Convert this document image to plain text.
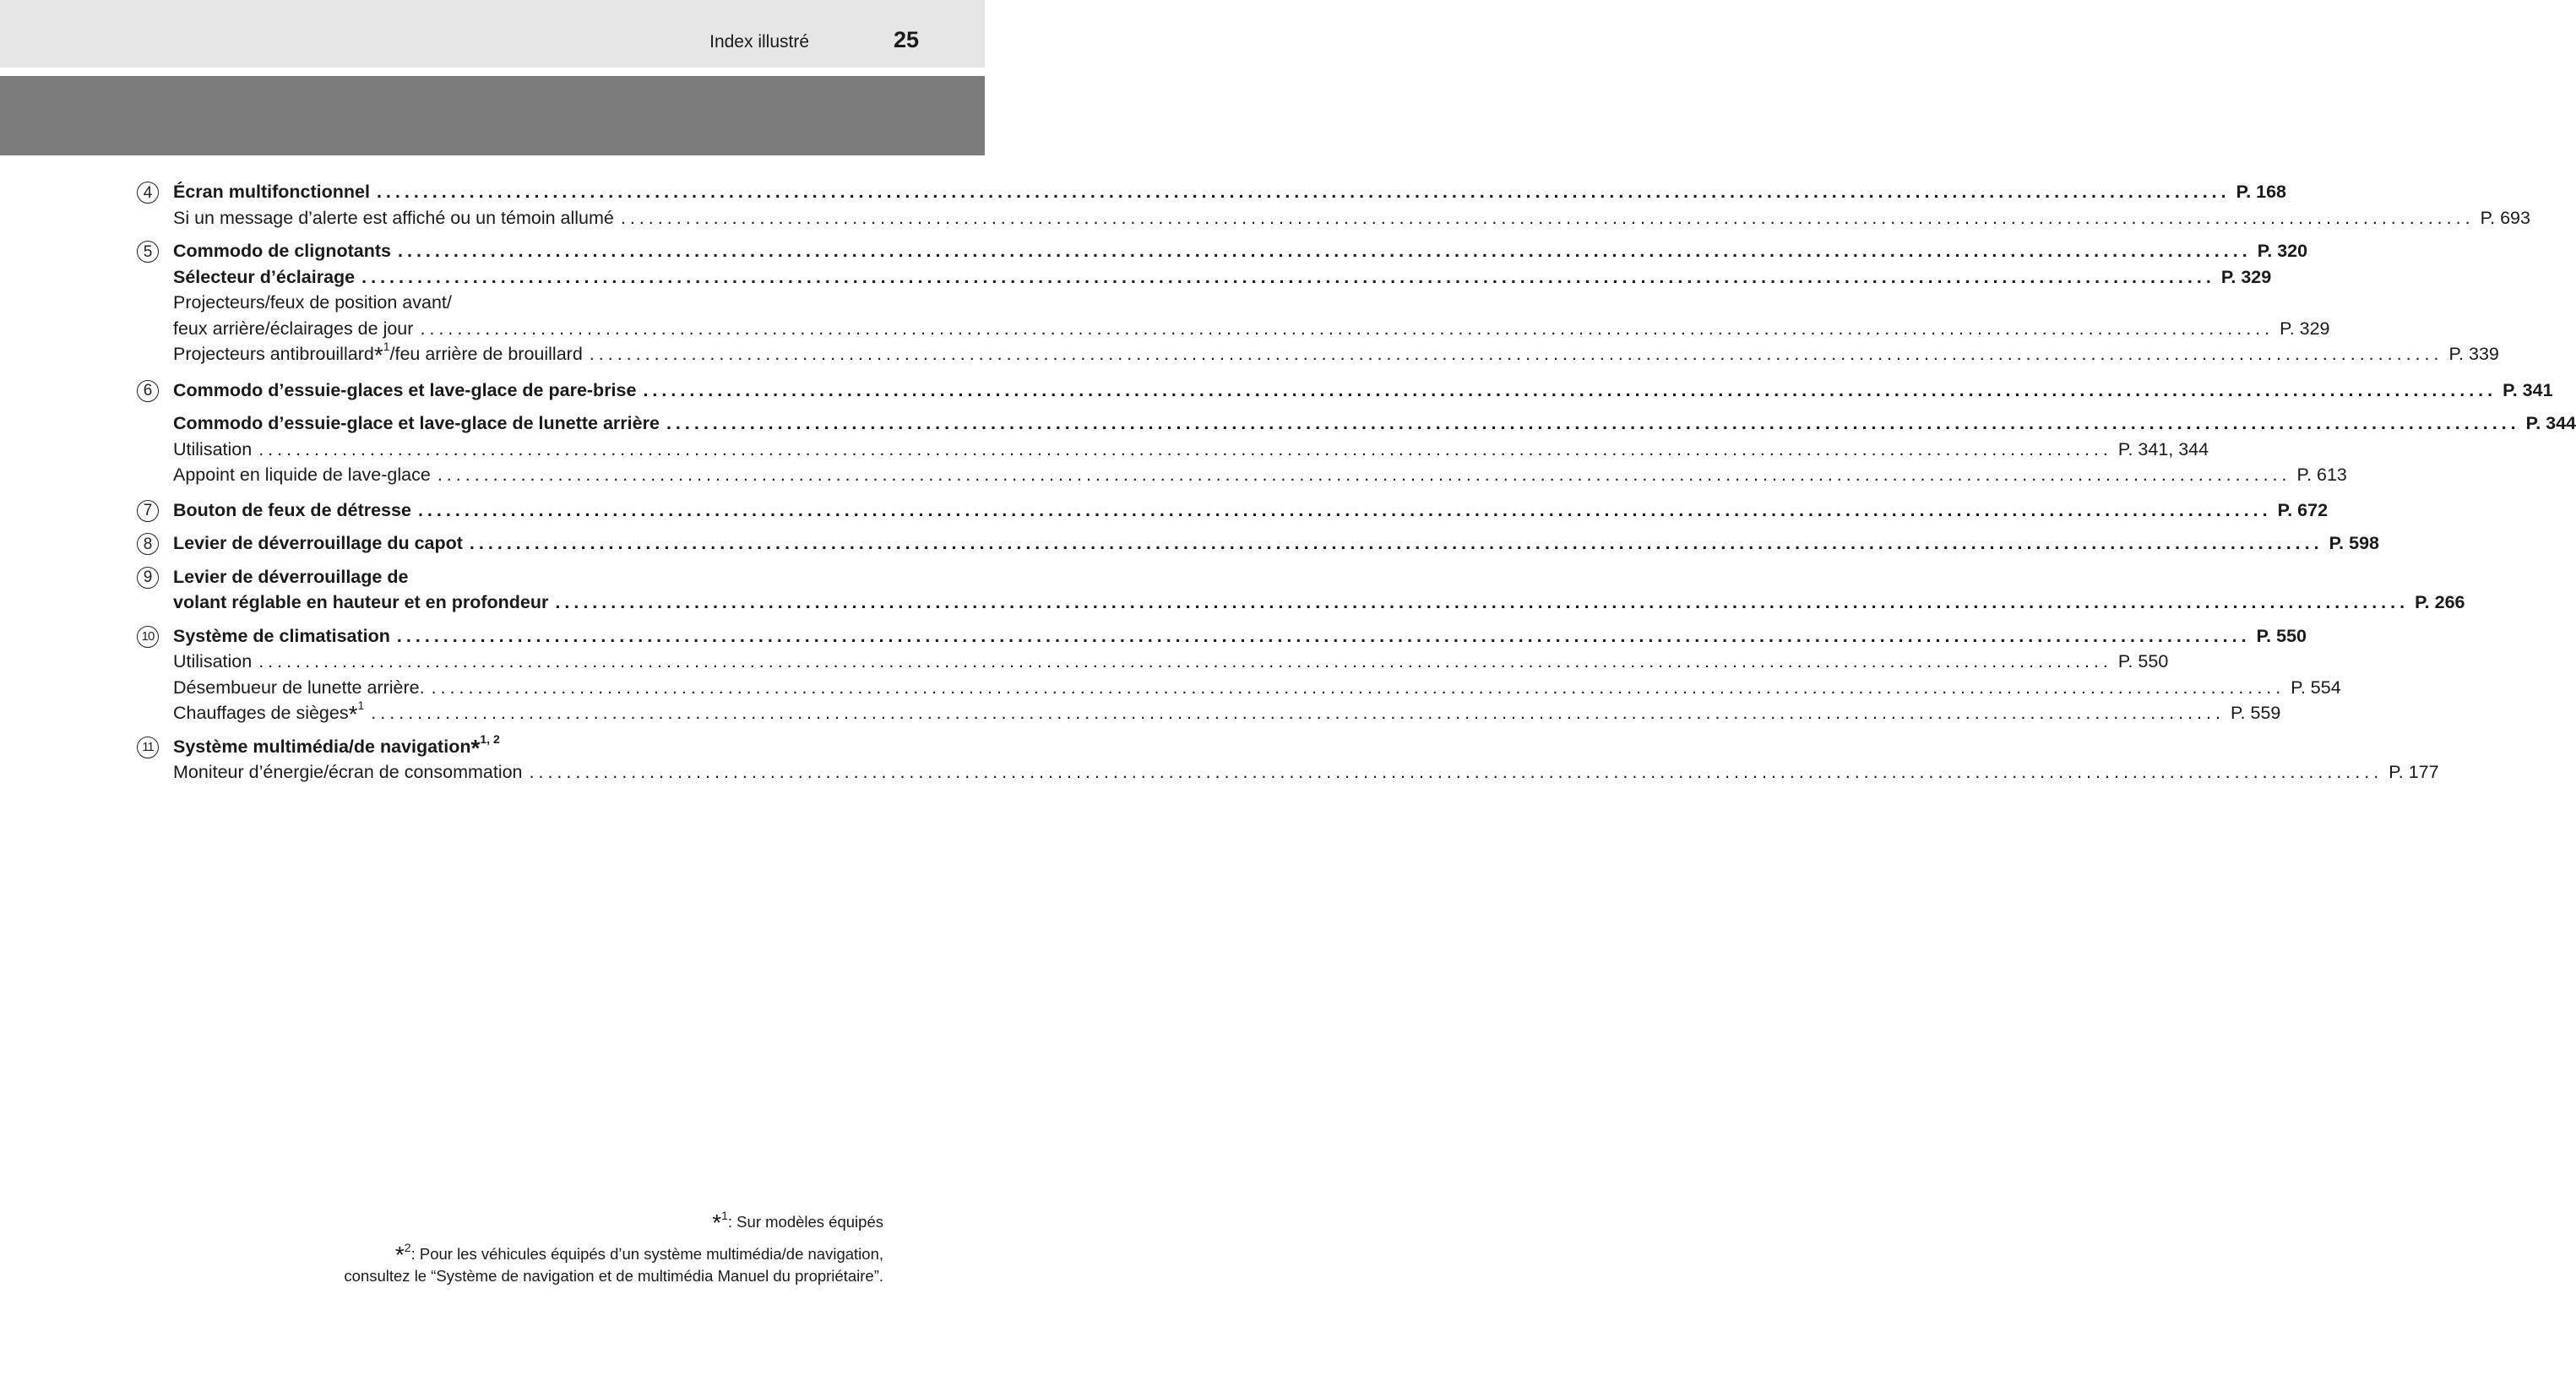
Index illustré	25
4	Écran multifonctionnel ........................................................................................................................................................................................................ P. 168
Si un message d’alerte est affiché ou un témoin allumé ........................................................................................................................................................................................................ P. 693
5	Commodo de clignotants ........................................................................................................................................................................................................ P. 320
Sélecteur d’éclairage ........................................................................................................................................................................................................ P. 329
Projecteurs/feux de position avant/
feux arrière/éclairages de jour ........................................................................................................................................................................................................ P. 329
Projecteurs antibrouillard*$^1$/feu arrière de brouillard ........................................................................................................................................................................................................ P. 339
6	Commodo d’essuie-glaces et lave-glace de pare-brise ........................................................................................................................................................................................................ P. 341
Commodo d’essuie-glace et lave-glace de lunette arrière ........................................................................................................................................................................................................ P. 344
Utilisation ........................................................................................................................................................................................................ P. 341, 344
Appoint en liquide de lave-glace ........................................................................................................................................................................................................ P. 613
7	Bouton de feux de détresse ........................................................................................................................................................................................................ P. 672
8	Levier de déverrouillage du capot ........................................................................................................................................................................................................ P. 598
9	Levier de déverrouillage de
volant réglable en hauteur et en profondeur ........................................................................................................................................................................................................ P. 266
10 Système de climatisation ........................................................................................................................................................................................................ P. 550
Utilisation ........................................................................................................................................................................................................ P. 550
Désembueur de lunette arrière. ........................................................................................................................................................................................................ P. 554
Chauffages de sièges*$^1$ ........................................................................................................................................................................................................ P. 559
11 Système multimédia/de navigation*$^{1, 2}$
Moniteur d’énergie/écran de consommation ........................................................................................................................................................................................................ P. 177
*$^1$: Sur modèles équipés
*$^2$: Pour les véhicules équipés d’un système multimédia/de navigation,
consultez le “Système de navigation et de multimédia Manuel du propriétaire”.
